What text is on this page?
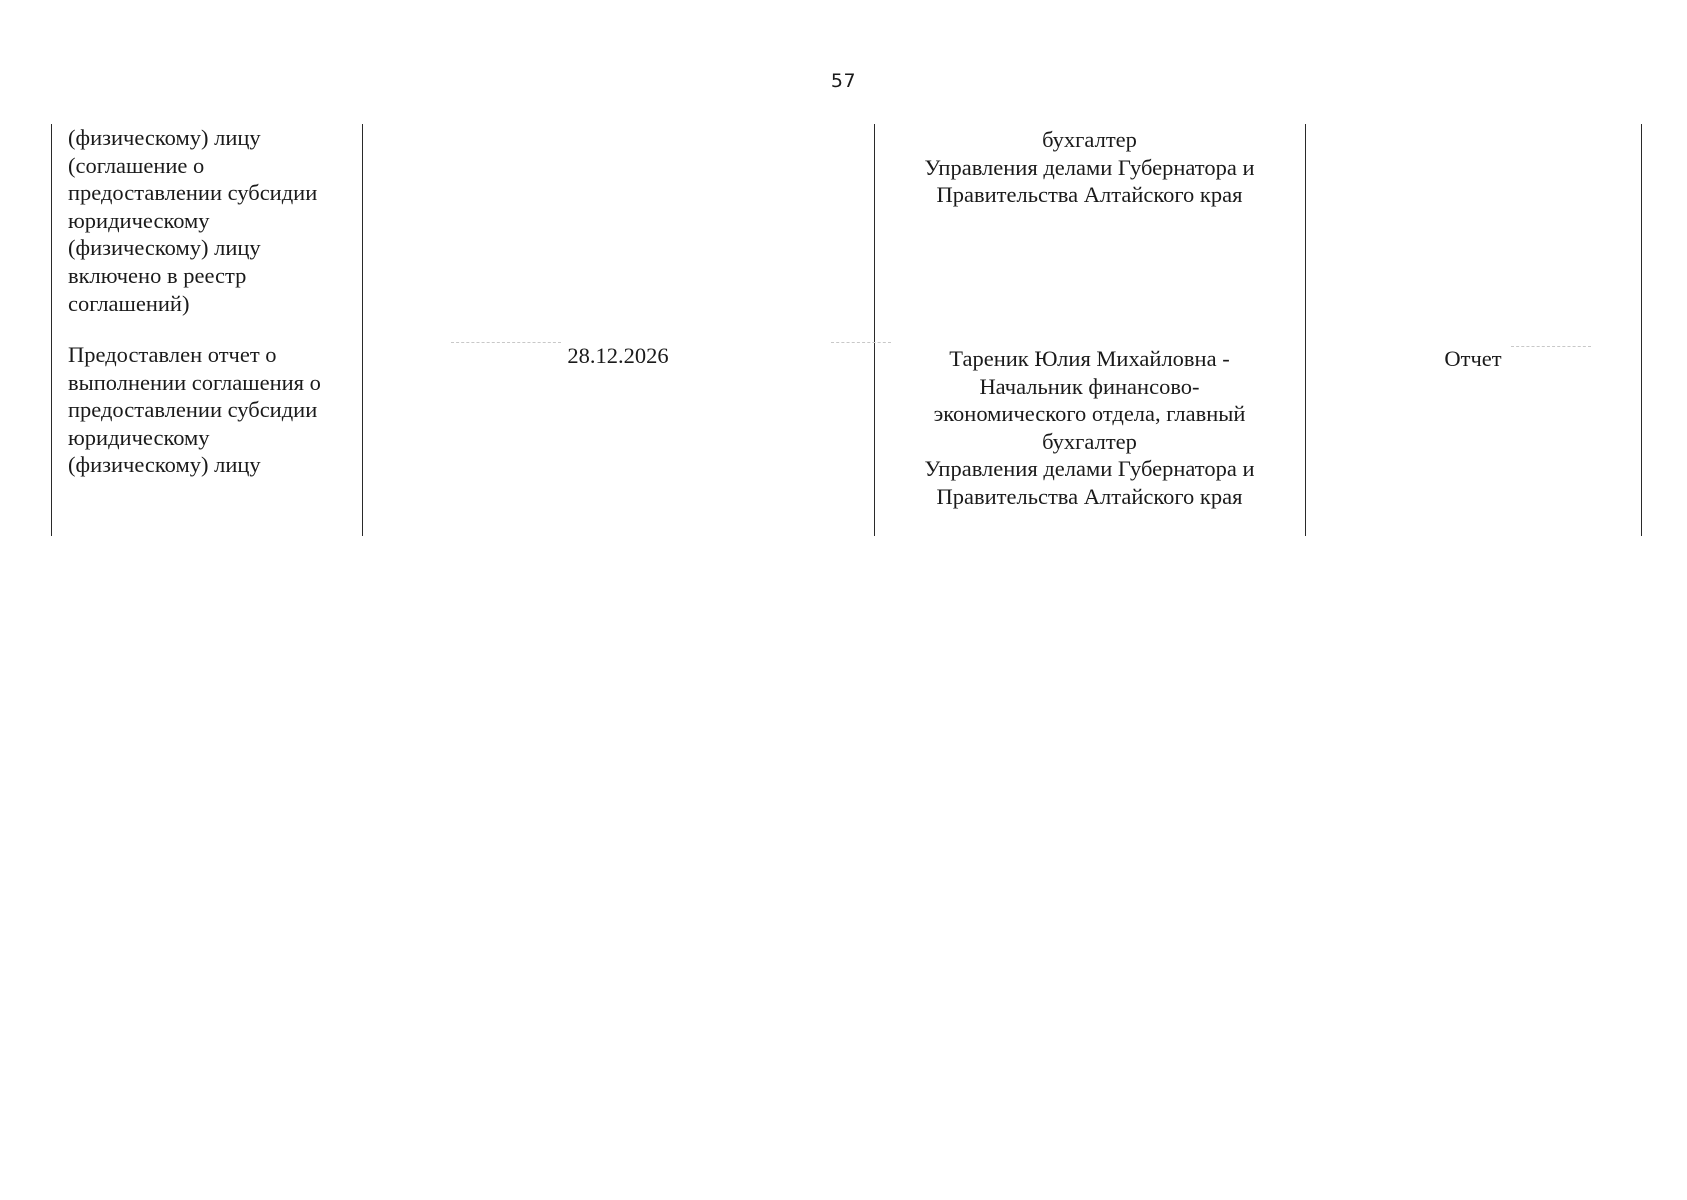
57
(физическому) лицу
(соглашение о
предоставлении субсидии
юридическому
(физическому) лицу
включено в реестр
соглашений)
бухгалтер
Управления делами Губернатора и
Правительства Алтайского края
Предоставлен отчет о
выполнении соглашения о
предоставлении субсидии
юридическому
(физическому) лицу
28.12.2026	Тареник Юлия Михайловна -
Начальник финансово-
экономического отдела, главный
бухгалтер
Управления делами Губернатора и
Правительства Алтайского края
Отчет
